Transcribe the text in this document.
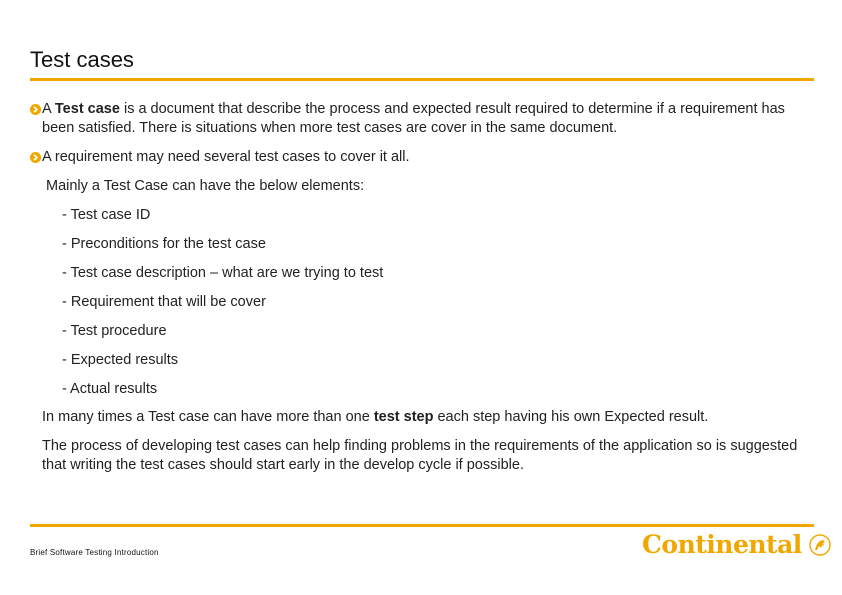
Test cases
A Test case is a document that describe the process and expected result required to determine if a requirement has been satisfied. There is situations when more test cases are cover in the same document.
A requirement may need several test cases to cover it all.
Mainly a Test Case can have the below elements:
- Test case ID
- Preconditions for the test case
- Test case description – what are we trying to test
- Requirement that will be cover
- Test procedure
- Expected results
- Actual results
In many times a Test case can have more than one test step each step having his own Expected result.
The process of developing test cases can help finding problems in the requirements of the application so is suggested that writing the test cases should start early in the develop cycle if possible.
Brief Software Testing Introduction	Continental
